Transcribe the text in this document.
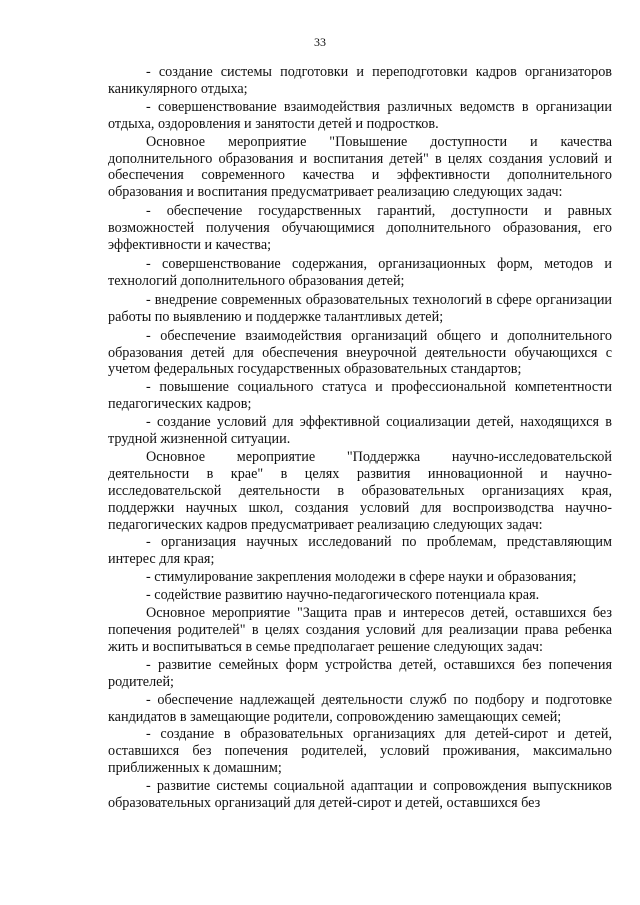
33

- создание системы подготовки и переподготовки кадров организаторов каникулярного отдыха;

- совершенствование взаимодействия различных ведомств в организации отдыха, оздоровления и занятости детей и подростков.

Основное мероприятие "Повышение доступности и качества дополнительного образования и воспитания детей" в целях создания условий и обеспечения современного качества и эффективности дополнительного образования и воспитания предусматривает реализацию следующих задач:

- обеспечение государственных гарантий, доступности и равных возможностей получения обучающимися дополнительного образования, его эффективности и качества;

- совершенствование содержания, организационных форм, методов и технологий дополнительного образования детей;

- внедрение современных образовательных технологий в сфере организации работы по выявлению и поддержке талантливых детей;

- обеспечение взаимодействия организаций общего и дополнительного образования детей для обеспечения внеурочной деятельности обучающихся с учетом федеральных государственных образовательных стандартов;

- повышение социального статуса и профессиональной компетентности педагогических кадров;

- создание условий для эффективной социализации детей, находящихся в трудной жизненной ситуации.

Основное мероприятие "Поддержка научно-исследовательской деятельности в крае" в целях развития инновационной и научно-исследовательской деятельности в образовательных организациях края, поддержки научных школ, создания условий для воспроизводства научно-педагогических кадров предусматривает реализацию следующих задач:

- организация научных исследований по проблемам, представляющим интерес для края;

- стимулирование закрепления молодежи в сфере науки и образования;

- содействие развитию научно-педагогического потенциала края.

Основное мероприятие "Защита прав и интересов детей, оставшихся без попечения родителей" в целях создания условий для реализации права ребенка жить и воспитываться в семье предполагает решение следующих задач:

- развитие семейных форм устройства детей, оставшихся без попечения родителей;

- обеспечение надлежащей деятельности служб по подбору и подготовке кандидатов в замещающие родители, сопровождению замещающих семей;

- создание в образовательных организациях для детей-сирот и детей, оставшихся без попечения родителей, условий проживания, максимально приближенных к домашним;

- развитие системы социальной адаптации и сопровождения выпускников образовательных организаций для детей-сирот и детей, оставшихся без
